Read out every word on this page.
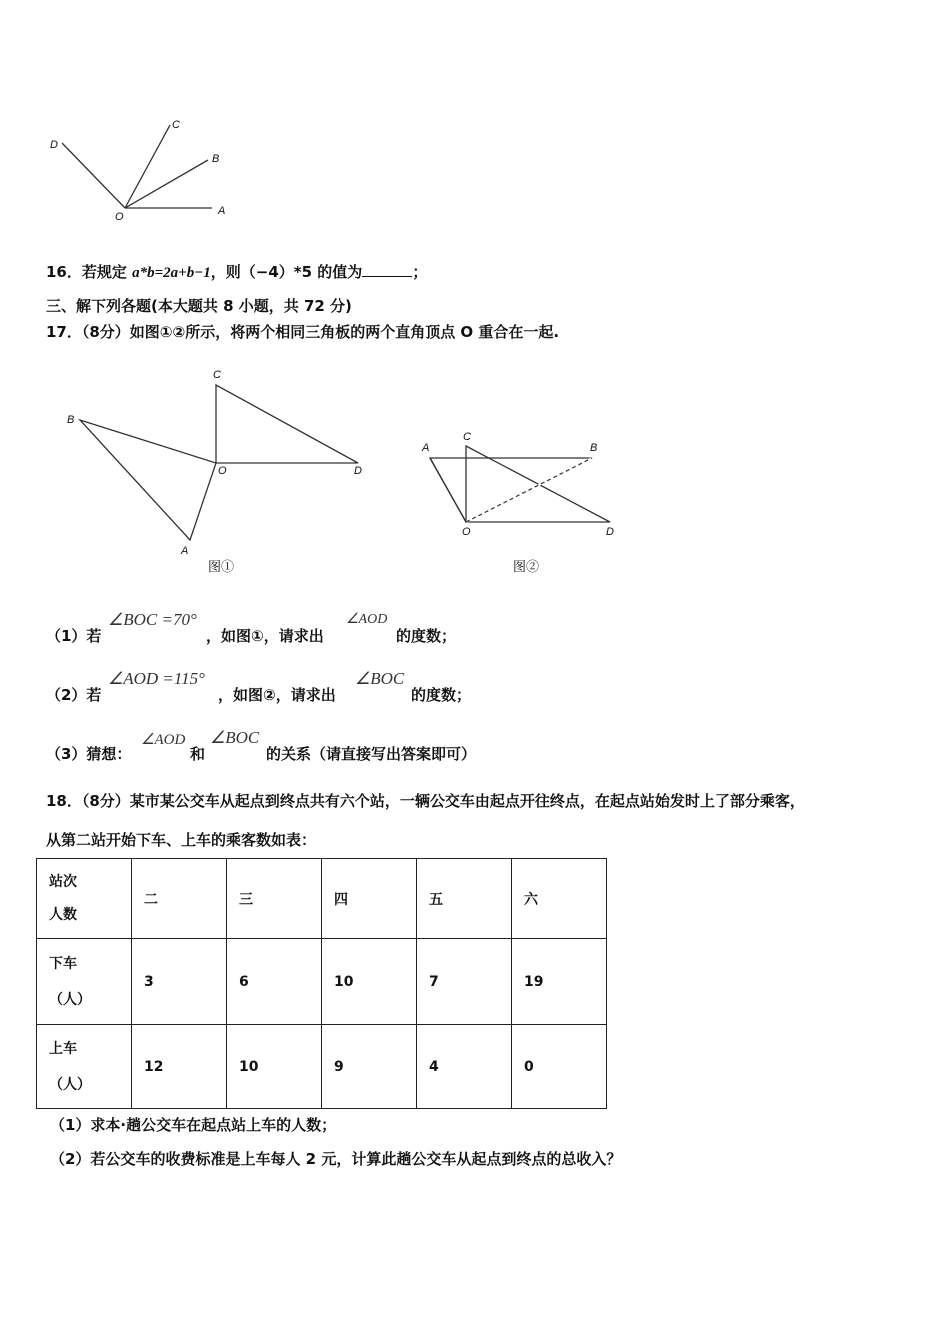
D
C
B
O	A
B
C
O	D
A
图①
A
C
B
O	D
图②
16．若规定 a*b=2a+b−1，则（−4）*5 的值为	；
三、解下列各题(本大题共 8 小题，共 72 分)
17．（8分）如图①②所示，将两个相同三角板的两个直角顶点 O 重合在一起.
（1）若
∠BOC =70°
，如图①，请求出
∠AOD
的度数；
（2）若
∠AOD =115°
，如图②，请求出
∠BOC
的度数；
（3）猜想：
∠AOD
和
∠BOC
的关系（请直接写出答案即可）
18．（8分）某市某公交车从起点到终点共有六个站，一辆公交车由起点开往终点，在起点站始发时上了部分乘客，
从第二站开始下车、上车的乘客数如表：
站次
人数	二	三	四	五	六

下车
（人）	3	6	10	7	19

上车
（人）	12	10	9	4	0
（1）求本·趟公交车在起点站上车的人数；
（2）若公交车的收费标准是上车每人 2 元，计算此趟公交车从起点到终点的总收入？
